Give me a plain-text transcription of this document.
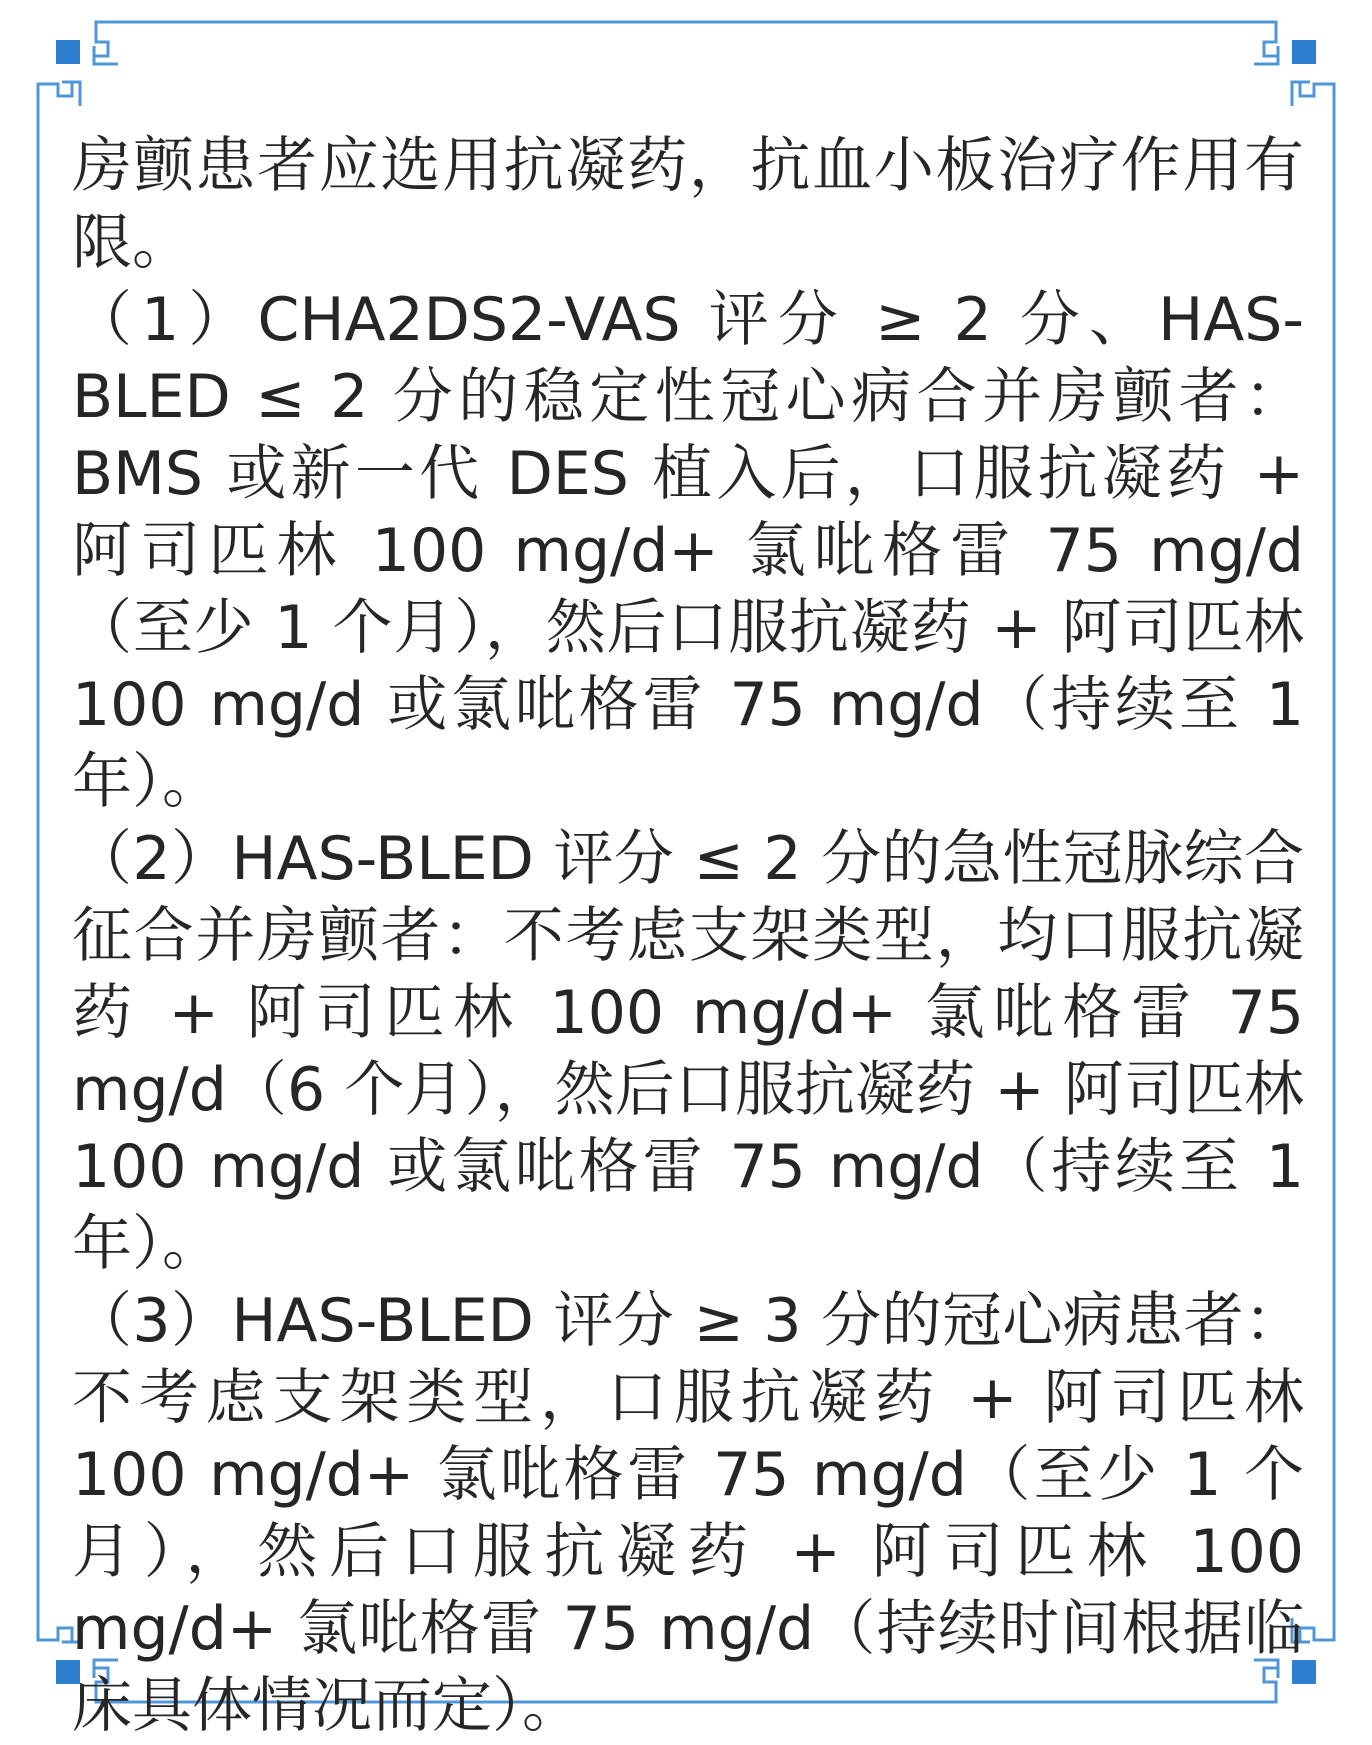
房颤患者应选用抗凝药，抗血小板治疗作用有限。

（1）CHA2DS2-VAS 评分 ≥ 2 分、HAS-BLED ≤ 2 分的稳定性冠心病合并房颤者：BMS 或新一代 DES 植入后，口服抗凝药 + 阿司匹林 100 mg/d+ 氯吡格雷 75 mg/d（至少 1 个月），然后口服抗凝药 + 阿司匹林 100 mg/d 或氯吡格雷 75 mg/d（持续至 1 年）。

（2）HAS-BLED 评分 ≤ 2 分的急性冠脉综合征合并房颤者：不考虑支架类型，均口服抗凝药 + 阿司匹林 100 mg/d+ 氯吡格雷 75 mg/d（6 个月），然后口服抗凝药 + 阿司匹林 100 mg/d 或氯吡格雷 75 mg/d（持续至 1 年）。

（3）HAS-BLED 评分 ≥ 3 分的冠心病患者：不考虑支架类型，口服抗凝药 + 阿司匹林 100 mg/d+ 氯吡格雷 75 mg/d（至少 1 个月），然后口服抗凝药 + 阿司匹林 100 mg/d+ 氯吡格雷 75 mg/d（持续时间根据临床具体情况而定）。
